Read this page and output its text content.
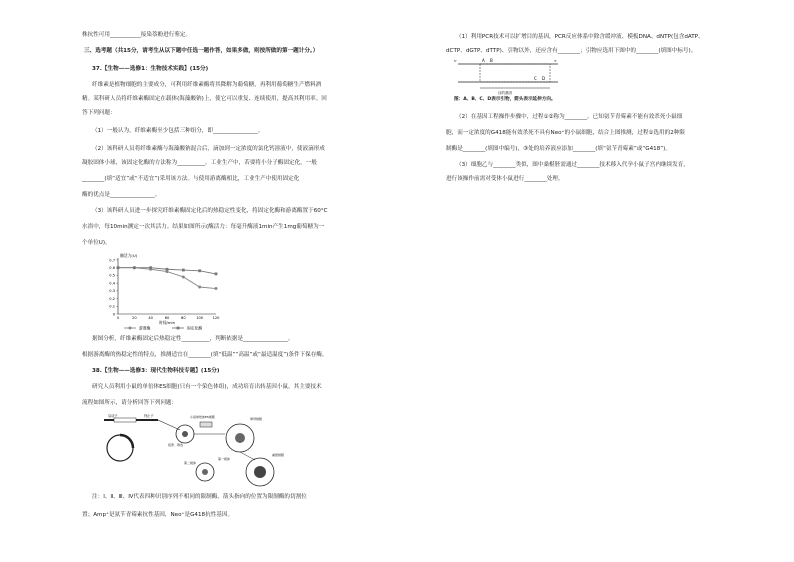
株抗性可用___________接染萘酚进行鉴定。
三、选考题（共15分，请考生从以下题中任选一题作答，如果多做，则按所做的第一题计分。）
37.【生物——选修1：生物技术实践】(15分)
纤维素是植物细胞的主要成分，可利用纤维素酶将其降解为葡萄糖，再利用葡萄糖生产燃料酒
精。某科研人员将纤维素酶固定在载体(海藻酸钠)上，使它可以重复、连续使用，提高其利用率。回
答下列问题：
（1）一般认为，纤维素酶至少包括三种组分，即________________。
（2）该科研人员将纤维素酶与海藻酸钠混合后，滴加到一定浓度的氯化钙溶液中，使液滴形成
凝胶固体小球，该固定化酶的方法称为__________。工业生产中，若要将小分子酶固定化，一般
________(填“适宜”或“不适宜”)采用该方法。与使用游离酶相比，工业生产中使用固定化
酶的优点是________________。
（3）该科研人员进一步探究纤维素酶固定化后的热稳定性变化，将固定化酶和游离酶置于60°C
水浴中，每10min测定一次其活力。结果如图所示(酶活力：每毫升酶液1min产生1mg葡萄糖为一
个单位U)。
0
0.1
0.2
0.3
0.4
0.5
0.6
0.7
0	20	40	60	80	100	120
酶活力(U)
时间/min
游离酶	固定化酶
据图分析，纤维素酶固定后热稳定性__________，判断依据是________________。
根据游离酶的热稳定性的特点，推测适宜在________(填“低温”“高温”或“最适温度”)条件下保存酶。
38.【生物——选修3：现代生物科技专题】(15分)
研究人员利用小鼠的单倍体ES细胞(只有一个染色体组)，成功培育出转基因小鼠。其主要技术
流程如图所示，请分析回答下列问题：
启动子	终止子	小鼠单倍体ES细胞
培养、筛选
卵母细胞
第一极体
第二极体
重组细胞
注：Ⅰ、Ⅱ、Ⅲ、Ⅳ代表四种识别序列不相同的限制酶，箭头指向的位置为限制酶的切割位
置；Amp⁺是氨苄青霉素抗性基因，Neo⁺是G418抗性基因。
（1）利用PCR技术可以扩增目的基因，PCR反应体系中除含缓冲液、模板DNA、dNTP(包含dATP、
dCTP、dGTP、dTTP)、引物以外，还应含有________；引物应选用下图中的________(填图中标号)。
A B
C D
5'	3'
目的基因
图：A、B、C、D表示引物，箭头表示延伸方向。
（2）在基因工程操作步骤中，过程①②称为________。已知氨苄青霉素不能有效杀死小鼠细
胞，而一定浓度的G418能有效杀死不具有Neo⁺的小鼠细胞，结合上图推测，过程①选用的2种限
制酶是________(填图中编号)，③处的培养液应添加________(填“氨苄青霉素”或“G418”)。
（3）细胞乙与________类似，图中桑椹胚需通过________技术移入代孕小鼠子宫内继续发育，
进行该操作前需对受体小鼠进行________处理。
